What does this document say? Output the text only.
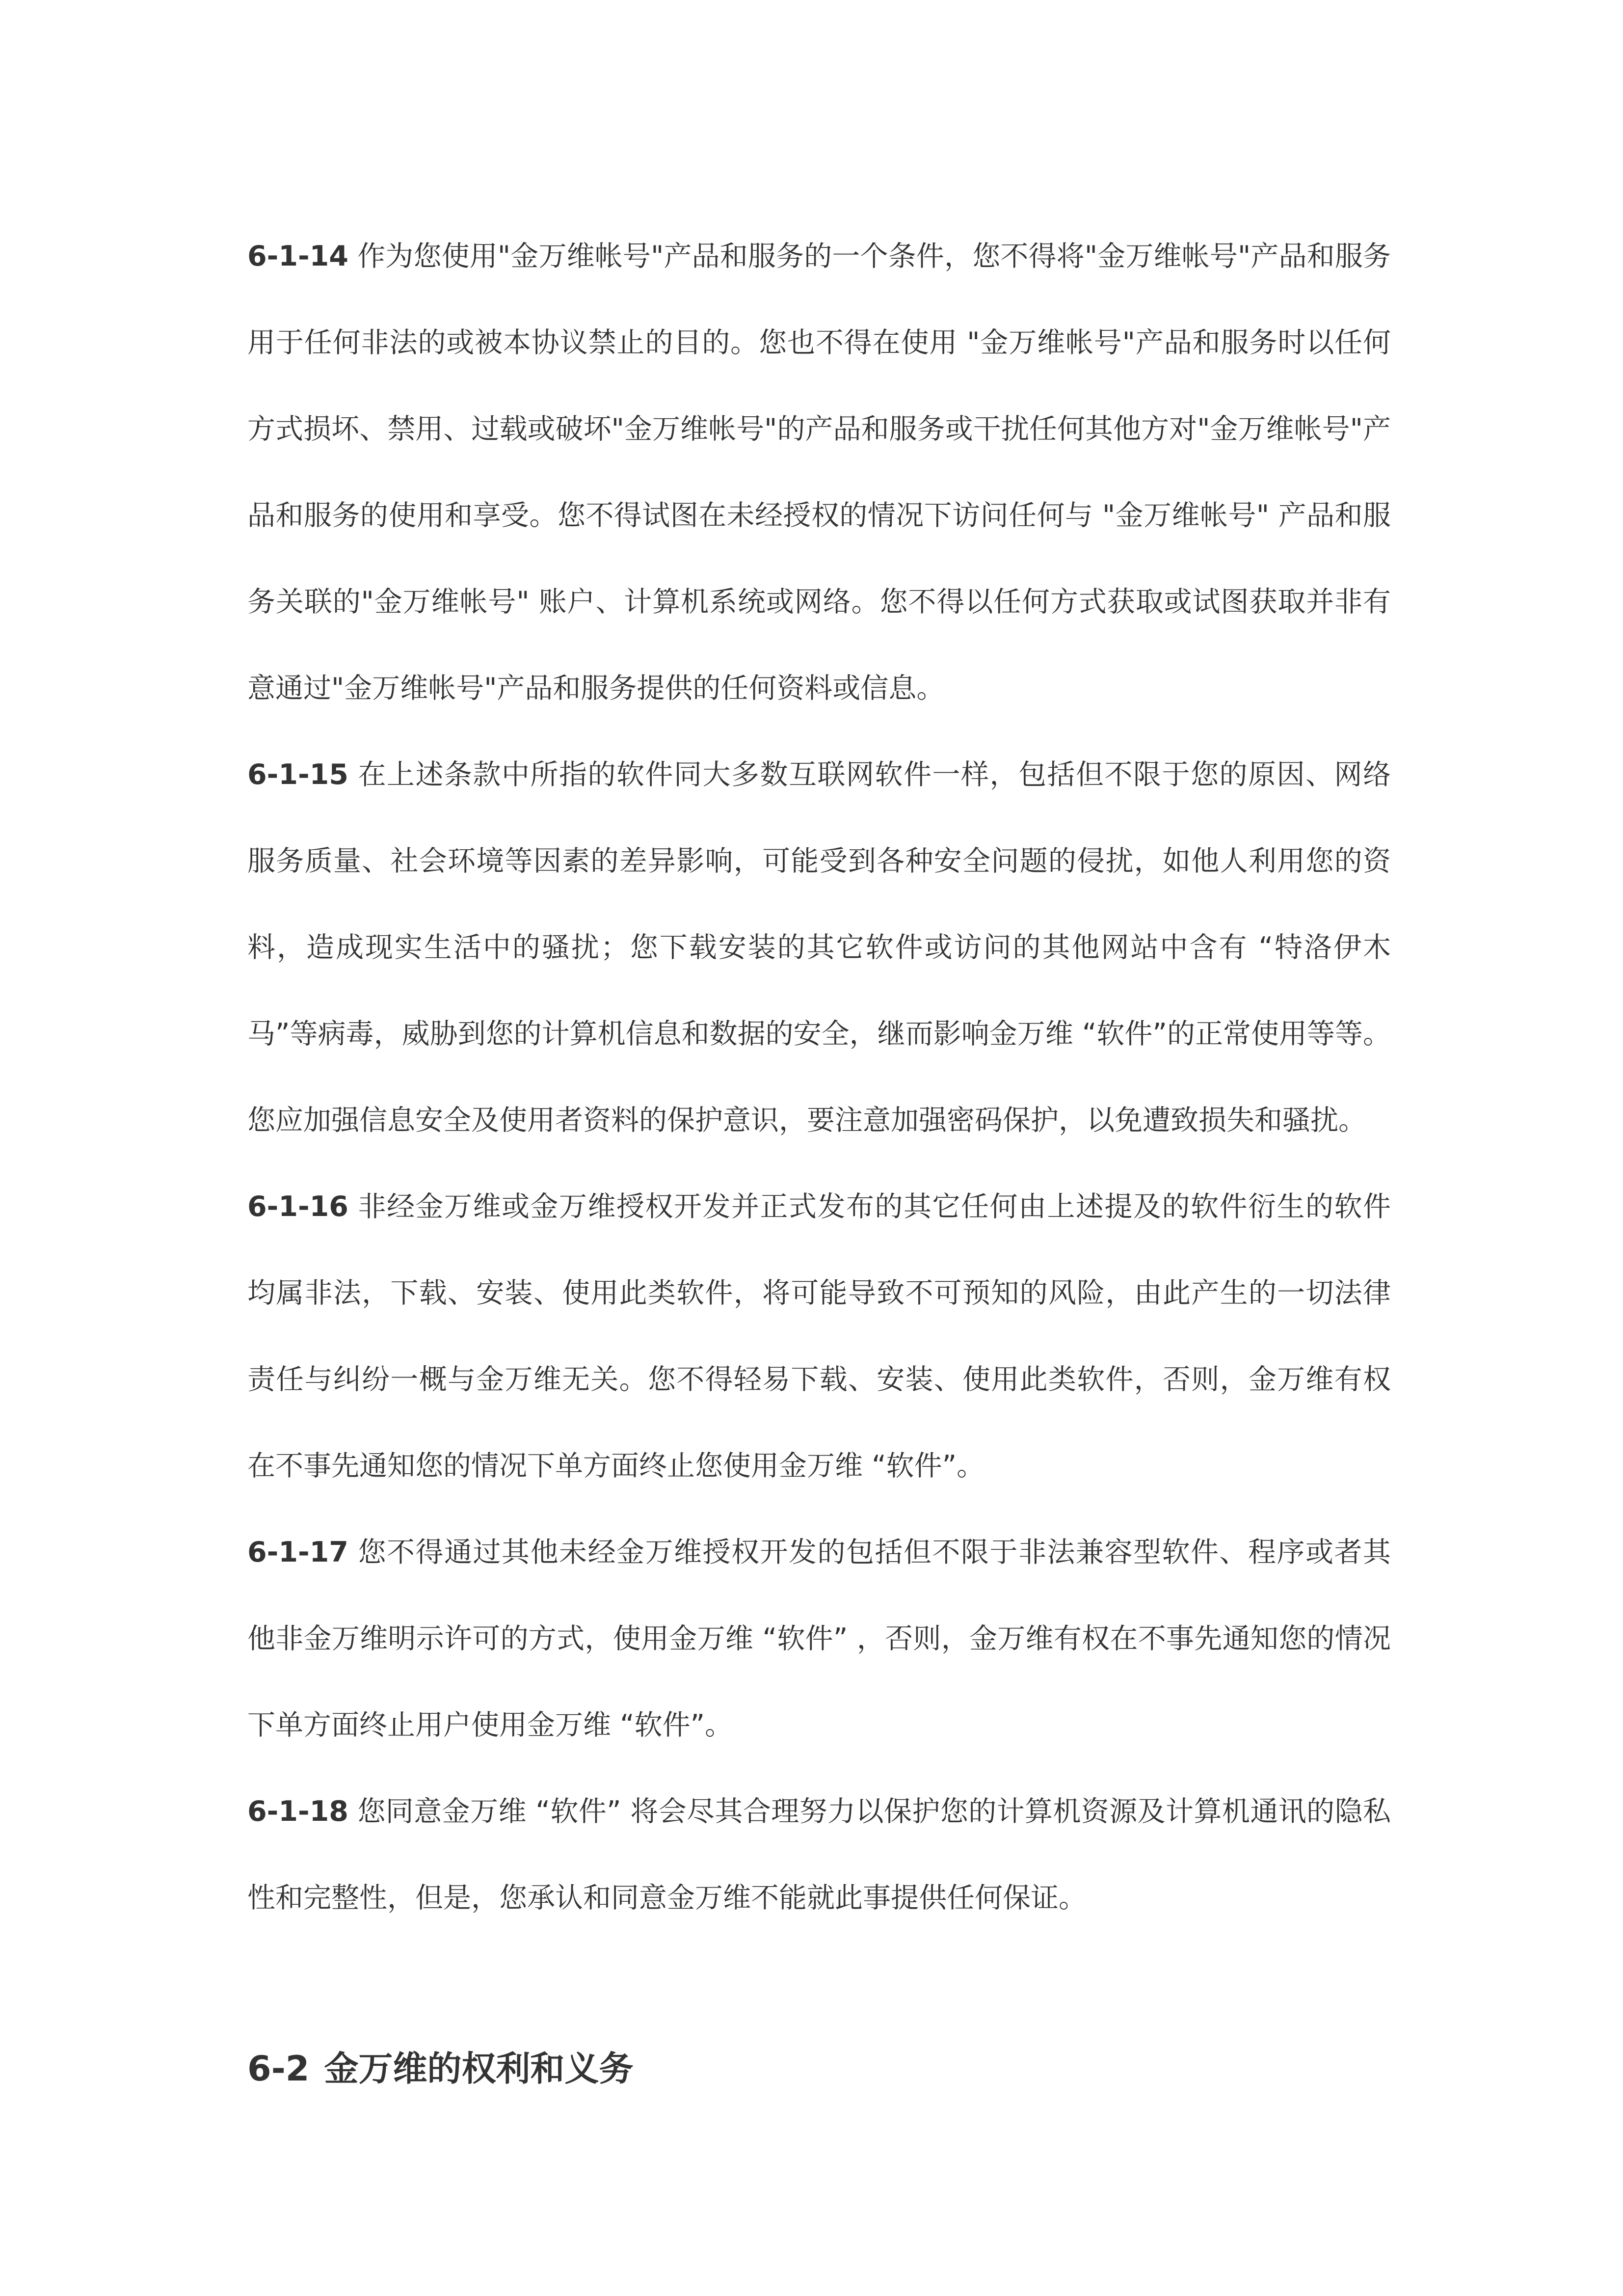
6-1-14 作为您使用"金万维帐号"产品和服务的一个条件，您不得将"金万维帐号"产品和服务用于任何非法的或被本协议禁止的目的。您也不得在使用 "金万维帐号"产品和服务时以任何方式损坏、禁用、过载或破坏"金万维帐号"的产品和服务或干扰任何其他方对"金万维帐号"产品和服务的使用和享受。您不得试图在未经授权的情况下访问任何与 "金万维帐号" 产品和服务关联的"金万维帐号" 账户、计算机系统或网络。您不得以任何方式获取或试图获取并非有意通过"金万维帐号"产品和服务提供的任何资料或信息。

6-1-15 在上述条款中所指的软件同大多数互联网软件一样，包括但不限于您的原因、网络服务质量、社会环境等因素的差异影响，可能受到各种安全问题的侵扰，如他人利用您的资料，造成现实生活中的骚扰；您下载安装的其它软件或访问的其他网站中含有 “特洛伊木马”等病毒，威胁到您的计算机信息和数据的安全，继而影响金万维 “软件”的正常使用等等。您应加强信息安全及使用者资料的保护意识，要注意加强密码保护，以免遭致损失和骚扰。

6-1-16 非经金万维或金万维授权开发并正式发布的其它任何由上述提及的软件衍生的软件均属非法，下载、安装、使用此类软件，将可能导致不可预知的风险，由此产生的一切法律责任与纠纷一概与金万维无关。您不得轻易下载、安装、使用此类软件，否则，金万维有权在不事先通知您的情况下单方面终止您使用金万维 “软件”。

6-1-17 您不得通过其他未经金万维授权开发的包括但不限于非法兼容型软件、程序或者其他非金万维明示许可的方式，使用金万维 “软件” ，否则，金万维有权在不事先通知您的情况下单方面终止用户使用金万维 “软件”。

6-1-18 您同意金万维 “软件” 将会尽其合理努力以保护您的计算机资源及计算机通讯的隐私性和完整性，但是，您承认和同意金万维不能就此事提供任何保证。

6-2 金万维的权利和义务
